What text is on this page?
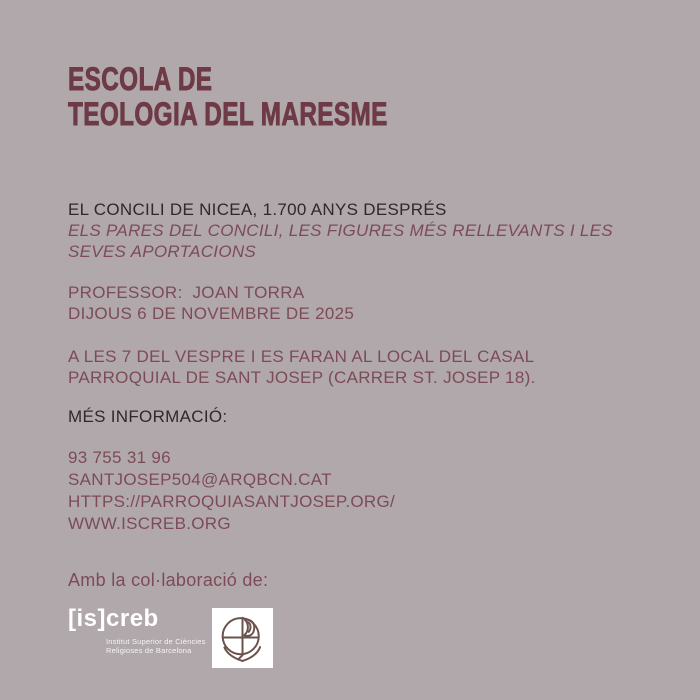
ESCOLA DE
TEOLOGIA DEL MARESME
EL CONCILI DE NICEA, 1.700 ANYS DESPRÉS
ELS PARES DEL CONCILI, LES FIGURES MÉS RELLEVANTS I LES
SEVES APORTACIONS
PROFESSOR:  JOAN TORRA
DIJOUS 6 DE NOVEMBRE DE 2025
A LES 7 DEL VESPRE I ES FARAN AL LOCAL DEL CASAL
PARROQUIAL DE SANT JOSEP (CARRER ST. JOSEP 18).
MÉS INFORMACIÓ:
93 755 31 96
SANTJOSEP504@ARQBCN.CAT
HTTPS://PARROQUIASANTJOSEP.ORG/
WWW.ISCREB.ORG
Amb la col·laboració de:
[is]creb
Institut Superior de Ciències
Religioses de Barcelona
